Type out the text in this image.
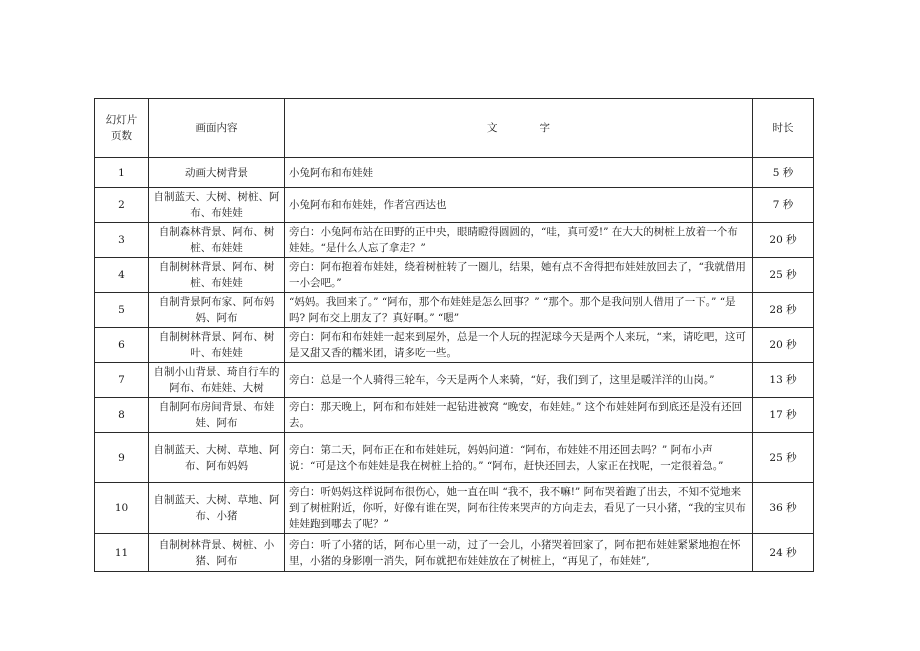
幻灯片
页数	画面内容	文     字	时长
1	动画大树背景	小兔阿布和布娃娃	5 秒
2	自制蓝天、大树、树桩、阿布、布娃娃	小兔阿布和布娃娃，作者宫西达也	7 秒
3	自制森林背景、阿布、树桩、布娃娃	旁白：小兔阿布站在田野的正中央，眼睛瞪得圆圆的，“哇，真可爱!” 在大大的树桩上放着一个布娃娃。“是什么人忘了拿走？”	20 秒
4	自制树林背景、阿布、树桩、布娃娃	旁白：阿布抱着布娃娃，绕着树桩转了一圈儿，结果，她有点不舍得把布娃娃放回去了，“我就借用一小会吧。”	25 秒
5	自制背景阿布家、阿布妈妈、阿布	“妈妈。我回来了。” “阿布，那个布娃娃是怎么回事？” “那个。那个是我问别人借用了一下。” “是吗? 阿布交上朋友了？真好啊。” “嗯”	28 秒
6	自制树林背景、阿布、树叶、布娃娃	旁白：阿布和布娃娃一起来到屋外，总是一个人玩的捏泥球今天是两个人来玩，“来，请吃吧，这可是又甜又香的糯米团，请多吃一些。	20 秒
7	自制小山背景、琦自行车的阿布、布娃娃、大树	旁白：总是一个人骑得三轮车，今天是两个人来骑，“好，我们到了，这里是暖洋洋的山岗。”	13 秒
8	自制阿布房间背景、布娃娃、阿布	旁白：那天晚上，阿布和布娃娃一起钻进被窝 “晚安，布娃娃。” 这个布娃娃阿布到底还是没有还回去。	17 秒
9	自制蓝天、大树、草地、阿布、阿布妈妈	旁白：第二天，阿布正在和布娃娃玩，妈妈问道：“阿布，布娃娃不用还回去吗？” 阿布小声说：“可是这个布娃娃是我在树桩上拾的。” “阿布，赶快还回去，人家正在找呢，一定很着急。”	25 秒
10	自制蓝天、大树、草地、阿布、小猪	旁白：听妈妈这样说阿布很伤心，她一直在叫 “我不，我不嘛!” 阿布哭着跑了出去，不知不觉地来到了树桩附近，你听，好像有谁在哭，阿布往传来哭声的方向走去，看见了一只小猪，“我的宝贝布娃娃跑到哪去了呢？”	36 秒
11	自制树林背景、树桩、小猪、阿布	旁白：听了小猪的话，阿布心里一动，过了一会儿，小猪哭着回家了，阿布把布娃娃紧紧地抱在怀里，小猪的身影刚一消失，阿布就把布娃娃放在了树桩上，“再见了，布娃娃”,	24 秒
